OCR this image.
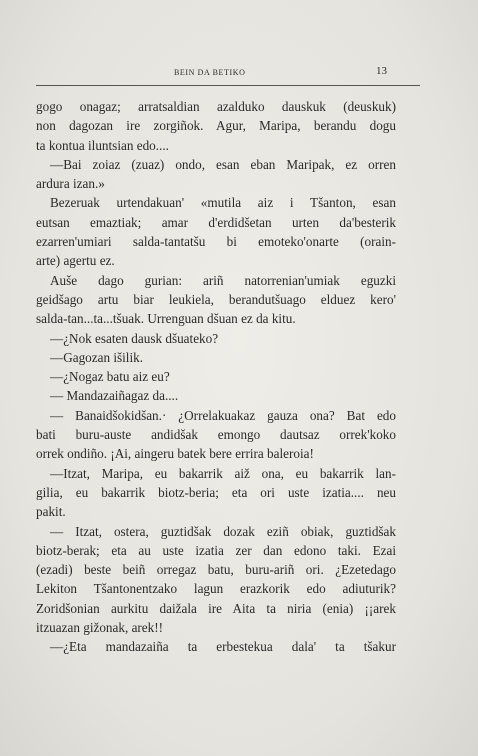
BEIN DA BETIKO	13
gogo onagaz; arratsaldian azalduko dauskuk (deuskuk)
non dagozan ire zorgiñok. Agur, Maripa, berandu dogu
ta kontua iluntsian edo....
—Bai zoiaz (zuaz) ondo, esan eban Maripak, ez orren
ardura izan.»
Bezeruak urtendakuan' «mutila aiz i Tšanton, esan
eutsan emaztiak; amar d'erdidšetan urten da'besterik
ezarren'umiari salda-tantatšu bi emoteko'onarte (orain-
arte) agertu ez.
Auše dago gurian: ariñ natorrenian'umiak eguzki
geidšago artu biar leukiela, berandutšuago elduez kero'
salda-tan...ta...tšuak. Urrenguan dšuan ez da kitu.
—¿Nok esaten dausk dšuateko?
—Gagozan išilik.
—¿Nogaz batu aiz eu?
— Mandazaiñagaz da....
— Banaidšokidšan.· ¿Orrelakuakaz gauza ona? Bat edo
bati buru-auste andidšak emongo dautsaz orrek'koko
orrek ondiño. ¡Ai, aingeru batek bere errira baleroia!
—Itzat, Maripa, eu bakarrik aiž ona, eu bakarrik lan-
gilia, eu bakarrik biotz-beria; eta ori uste izatia.... neu
pakit.
— Itzat, ostera, guztidšak dozak eziñ obiak, guztidšak
biotz-berak; eta au uste izatia zer dan edono taki. Ezai
(ezadi) beste beiñ orregaz batu, buru-ariñ ori. ¿Ezetedago
Lekiton Tšantonentzako lagun erazkorik edo adiuturik?
Zoridšonian aurkitu daižala ire Aita ta niria (enia) ¡¡arek
itzuazan gižonak, arek!!
—¿Eta mandazaiña ta erbestekua dala' ta tšakur
